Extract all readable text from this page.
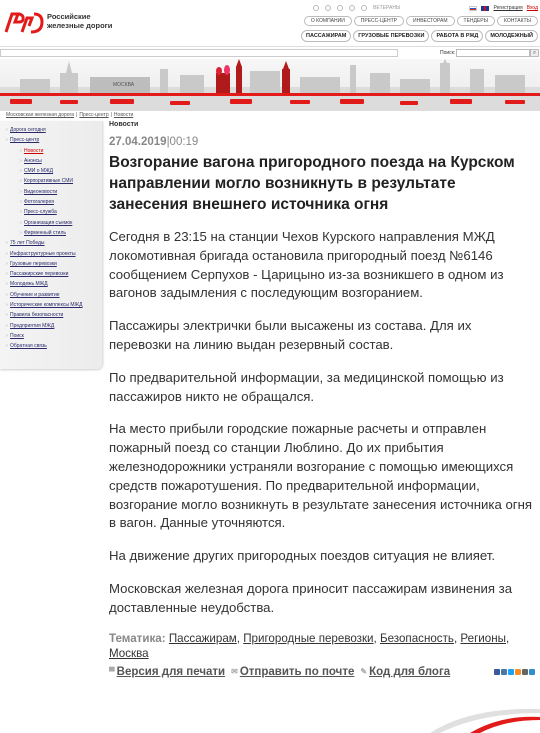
Российские железные дороги
ВЕТЕРАНЫ	Регистрация Вход
О КОМПАНИИ	ПРЕСС-ЦЕНТР	ИНВЕСТОРАМ	ТЕНДЕРЫ	КОНТАКТЫ
ПАССАЖИРАМ	ГРУЗОВЫЕ ПЕРЕВОЗКИ	РАБОТА В РЖД	МОЛОДЕЖНЫЙ
Поиск:	⌕
МОСКВА
Московская железная дорога | Пресс-центр | Новости
› Дорога сегодня
› Пресс-центр
› Новости
› Анонсы
› СМИ о МЖД
› Корпоративные СМИ
› Видеоновости
› Фотогалерея
› Пресс-служба
› Организация съемок
› Фирменный стиль
› 75 лет Победы
› Инфраструктурные проекты
› Грузовые перевозки
› Пассажирские перевозки
› Молодежь МЖД
› Обучение и развитие
› Исторические комплексы МЖД
› Правила безопасности
› Предприятия МЖД
› Поиск
› Обратная связь
Новости
27.04.2019|00:19
Возгорание вагона пригородного поезда на Курском направлении могло возникнуть в результате занесения внешнего источника огня

Сегодня в 23:15 на станции Чехов Курского направления МЖД локомотивная бригада остановила пригородный поезд №6146 сообщением Серпухов - Царицыно из-за возникшего в одном из вагонов задымления с последующим возгоранием.

Пассажиры электрички были высажены из состава. Для их перевозки на линию выдан резервный состав.

По предварительной информации, за медицинской помощью из пассажиров никто не обращался.

На место прибыли городские пожарные расчеты и отправлен пожарный поезд со станции Люблино. До их прибытия железнодорожники устраняли возгорание с помощью имеющихся средств пожаротушения. По предварительной информации, возгорание могло возникнуть в результате занесения источника огня в вагон. Данные уточняются.

На движение других пригородных поездов ситуация не влияет.

Московская железная дорога приносит пассажирам извинения за доставленные неудобства.

Тематика: Пассажирам, Пригородные перевозки, Безопасность, Регионы, Москва
▀ Версия для печати ✉ Отправить по почте ✎ Код для блога
